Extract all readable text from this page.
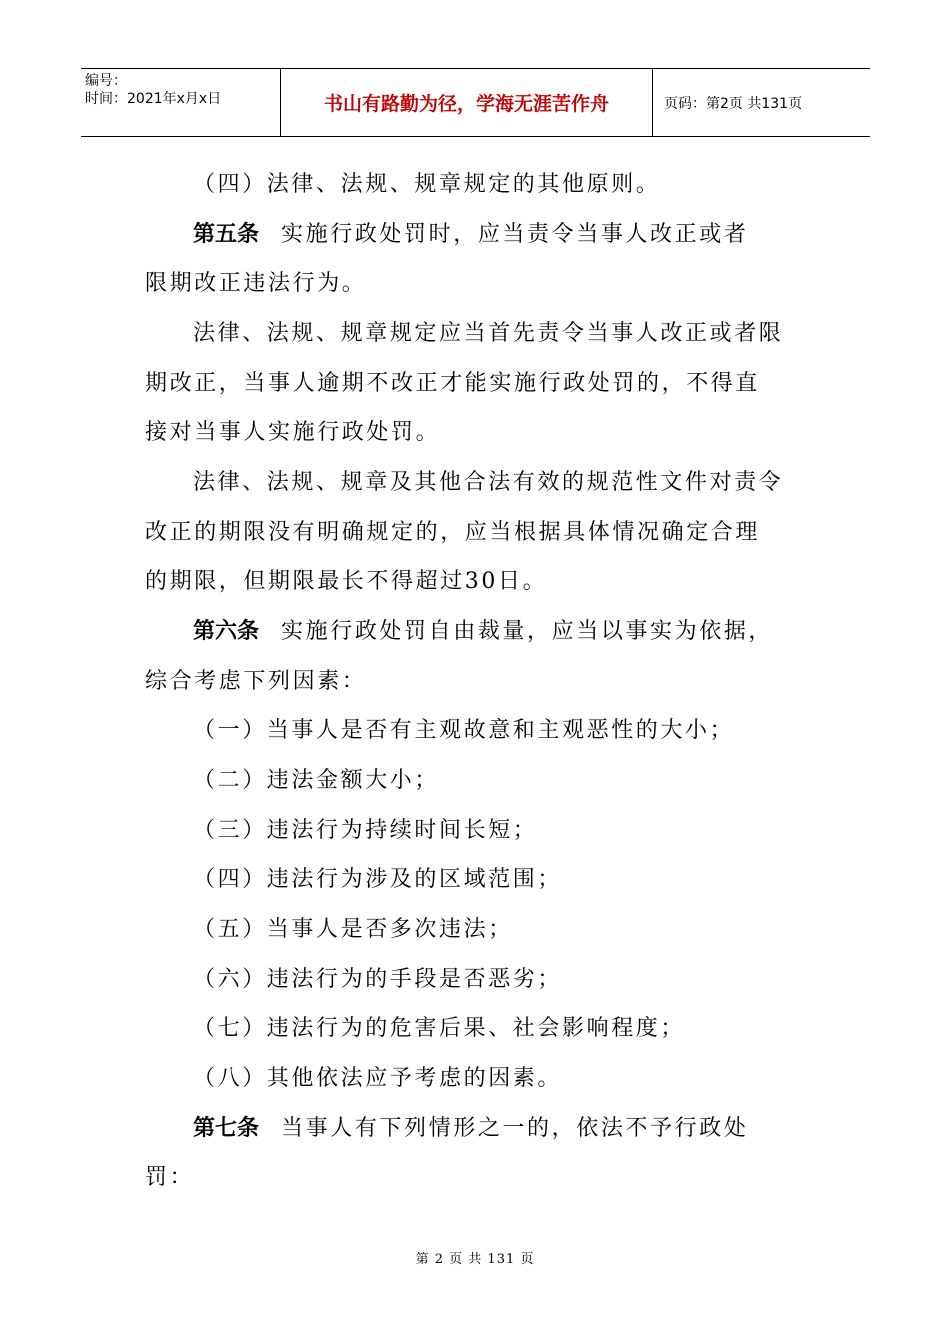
编号：
时间：2021年x月x日	书山有路勤为径，学海无涯苦作舟	页码：第2页 共131页
（四）法律、法规、规章规定的其他原则。
第五条 实施行政处罚时，应当责令当事人改正或者
限期改正违法行为。
法律、法规、规章规定应当首先责令当事人改正或者限
期改正，当事人逾期不改正才能实施行政处罚的，不得直
接对当事人实施行政处罚。
法律、法规、规章及其他合法有效的规范性文件对责令
改正的期限没有明确规定的，应当根据具体情况确定合理
的期限，但期限最长不得超过30日。
第六条 实施行政处罚自由裁量，应当以事实为依据，
综合考虑下列因素：
（一）当事人是否有主观故意和主观恶性的大小；
（二）违法金额大小；
（三）违法行为持续时间长短；
（四）违法行为涉及的区域范围；
（五）当事人是否多次违法；
（六）违法行为的手段是否恶劣；
（七）违法行为的危害后果、社会影响程度；
（八）其他依法应予考虑的因素。
第七条 当事人有下列情形之一的，依法不予行政处
罚：
第 2 页 共 131 页
